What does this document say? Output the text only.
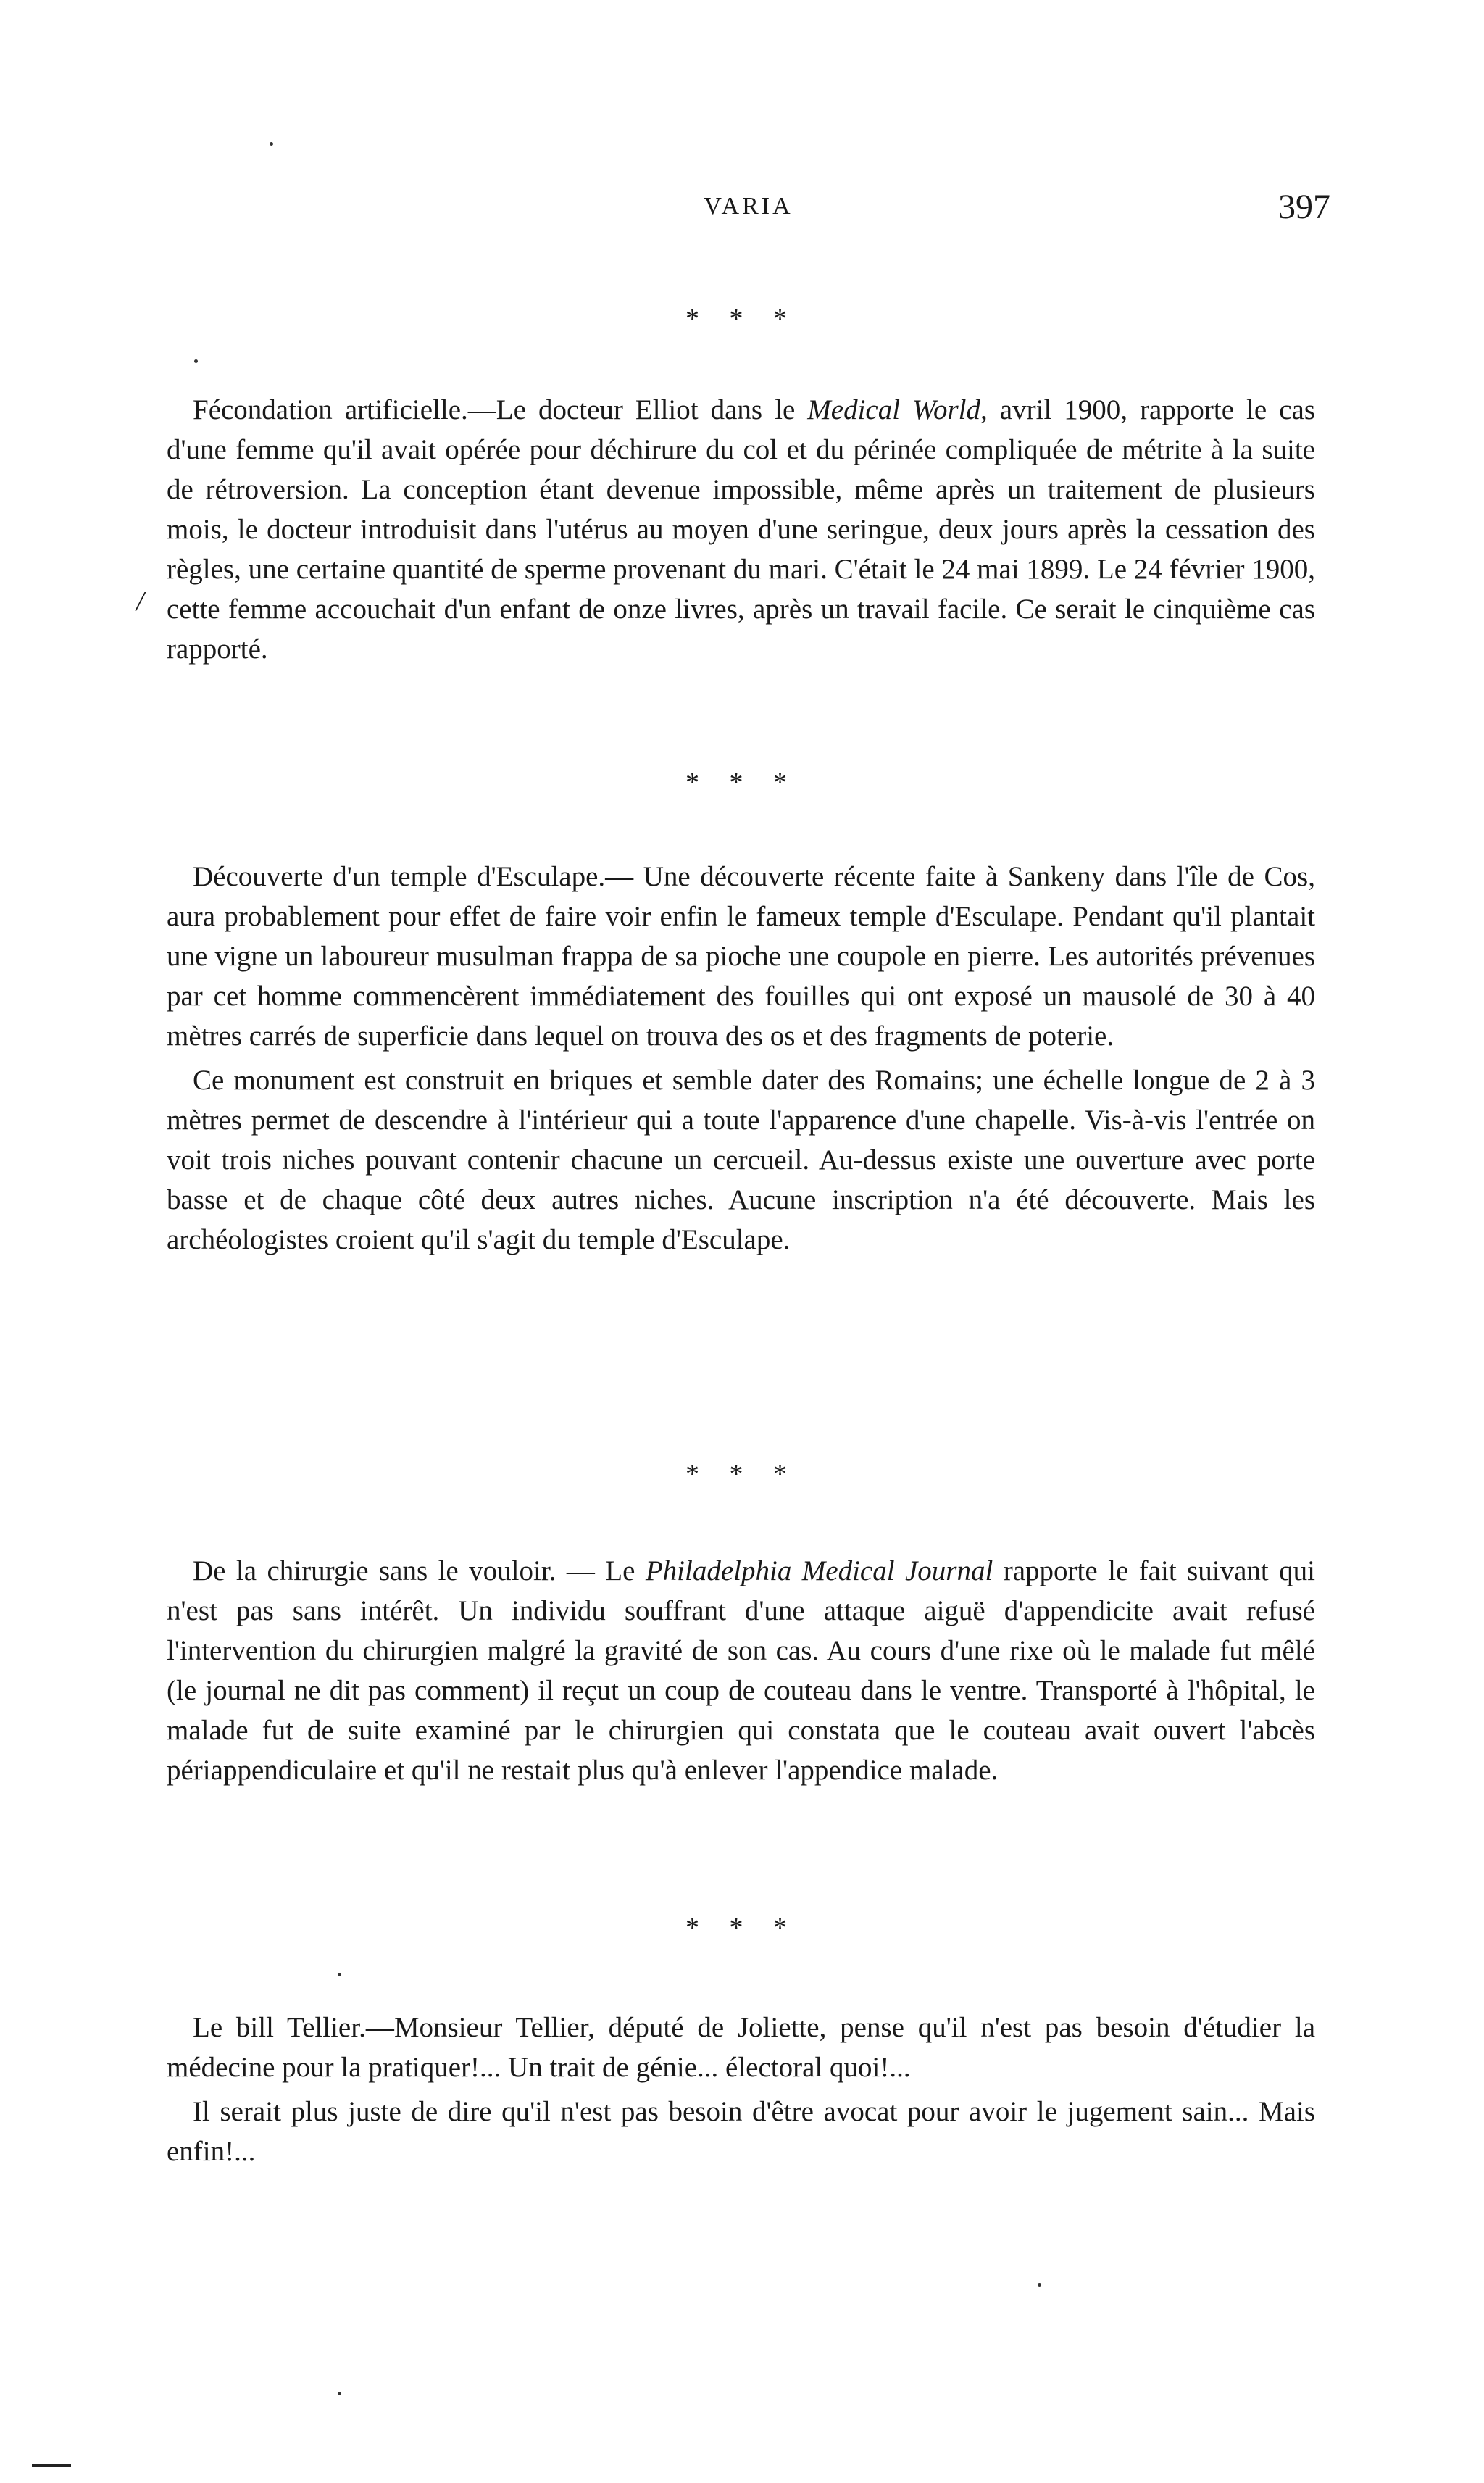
VARIA	397
* * *
/

Fécondation artificielle.—Le docteur Elliot dans le Medical World, avril 1900, rapporte le cas d'une femme qu'il avait opérée pour déchirure du col et du périnée compliquée de métrite à la suite de rétroversion. La conception étant devenue impossible, même après un traitement de plusieurs mois, le docteur introduisit dans l'utérus au moyen d'une seringue, deux jours après la cessation des règles, une certaine quantité de sperme provenant du mari. C'était le 24 mai 1899. Le 24 février 1900, cette femme accouchait d'un enfant de onze livres, après un travail facile. Ce serait le cinquième cas rapporté.

* * *

Découverte d'un temple d'Esculape.— Une découverte récente faite à Sankeny dans l'île de Cos, aura probablement pour effet de faire voir enfin le fameux temple d'Esculape. Pendant qu'il plantait une vigne un laboureur musulman frappa de sa pioche une coupole en pierre. Les autorités prévenues par cet homme commencèrent immédiatement des fouilles qui ont exposé un mausolé de 30 à 40 mètres carrés de superficie dans lequel on trouva des os et des fragments de poterie.

Ce monument est construit en briques et semble dater des Romains; une échelle longue de 2 à 3 mètres permet de descendre à l'intérieur qui a toute l'apparence d'une chapelle. Vis-à-vis l'entrée on voit trois niches pouvant contenir chacune un cercueil. Au-dessus existe une ouverture avec porte basse et de chaque côté deux autres niches. Aucune inscription n'a été découverte. Mais les archéologistes croient qu'il s'agit du temple d'Esculape.

* * *

De la chirurgie sans le vouloir. — Le Philadelphia Medical Journal rapporte le fait suivant qui n'est pas sans intérêt. Un individu souffrant d'une attaque aiguë d'appendicite avait refusé l'intervention du chirurgien malgré la gravité de son cas. Au cours d'une rixe où le malade fut mêlé (le journal ne dit pas comment) il reçut un coup de couteau dans le ventre. Transporté à l'hôpital, le malade fut de suite examiné par le chirurgien qui constata que le couteau avait ouvert l'abcès périappendiculaire et qu'il ne restait plus qu'à enlever l'appendice malade.

* * *

Le bill Tellier.—Monsieur Tellier, député de Joliette, pense qu'il n'est pas besoin d'étudier la médecine pour la pratiquer!... Un trait de génie... électoral quoi!...

Il serait plus juste de dire qu'il n'est pas besoin d'être avocat pour avoir le jugement sain... Mais enfin!...
